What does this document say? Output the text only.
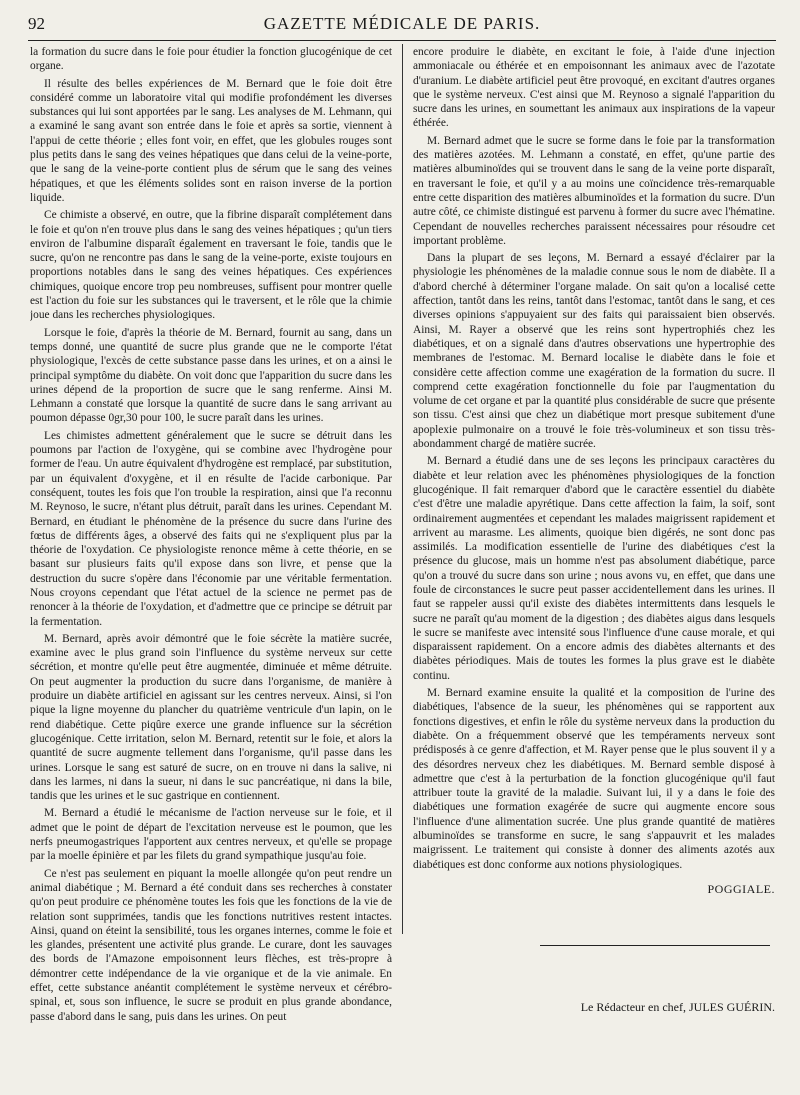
92	GAZETTE MÉDICALE DE PARIS.

la formation du sucre dans le foie pour étudier la fonction glucogénique de cet organe.

Il résulte des belles expériences de M. Bernard que le foie doit être considéré comme un laboratoire vital qui modifie profondément les diverses substances qui lui sont apportées par le sang. Les analyses de M. Lehmann, qui a examiné le sang avant son entrée dans le foie et après sa sortie, viennent à l'appui de cette théorie ; elles font voir, en effet, que les globules rouges sont plus petits dans le sang des veines hépatiques que dans celui de la veine-porte, que le sang de la veine-porte contient plus de sérum que le sang des veines hépatiques, et que les éléments solides sont en raison inverse de la portion liquide.

Ce chimiste a observé, en outre, que la fibrine disparaît complétement dans le foie et qu'on n'en trouve plus dans le sang des veines hépatiques ; qu'un tiers environ de l'albumine disparaît également en traversant le foie, tandis que le sucre, qu'on ne rencontre pas dans le sang de la veine-porte, existe toujours en proportions notables dans le sang des veines hépatiques. Ces expériences chimiques, quoique encore trop peu nombreuses, suffisent pour montrer quelle est l'action du foie sur les substances qui le traversent, et le rôle que la chimie joue dans les recherches physiologiques.

Lorsque le foie, d'après la théorie de M. Bernard, fournit au sang, dans un temps donné, une quantité de sucre plus grande que ne le comporte l'état physiologique, l'excès de cette substance passe dans les urines, et on a ainsi le principal symptôme du diabète. On voit donc que l'apparition du sucre dans les urines dépend de la proportion de sucre que le sang renferme. Ainsi M. Lehmann a constaté que lorsque la quantité de sucre dans le sang arrivant au poumon dépasse 0gr,30 pour 100, le sucre paraît dans les urines.

Les chimistes admettent généralement que le sucre se détruit dans les poumons par l'action de l'oxygène, qui se combine avec l'hydrogène pour former de l'eau. Un autre équivalent d'hydrogène est remplacé, par substitution, par un équivalent d'oxygène, et il en résulte de l'acide carbonique. Par conséquent, toutes les fois que l'on trouble la respiration, ainsi que l'a reconnu M. Reynoso, le sucre, n'étant plus détruit, paraît dans les urines. Cependant M. Bernard, en étudiant le phénomène de la présence du sucre dans l'urine des fœtus de différents âges, a observé des faits qui ne s'expliquent plus par la théorie de l'oxydation. Ce physiologiste renonce même à cette théorie, en se basant sur plusieurs faits qu'il expose dans son livre, et pense que la destruction du sucre s'opère dans l'économie par une véritable fermentation. Nous croyons cependant que l'état actuel de la science ne permet pas de renoncer à la théorie de l'oxydation, et d'admettre que ce principe se détruit par la fermentation.

M. Bernard, après avoir démontré que le foie sécrète la matière sucrée, examine avec le plus grand soin l'influence du système nerveux sur cette sécrétion, et montre qu'elle peut être augmentée, diminuée et même détruite. On peut augmenter la production du sucre dans l'organisme, de manière à produire un diabète artificiel en agissant sur les centres nerveux. Ainsi, si l'on pique la ligne moyenne du plancher du quatrième ventricule d'un lapin, on le rend diabétique. Cette piqûre exerce une grande influence sur la sécrétion glucogénique. Cette irritation, selon M. Bernard, retentit sur le foie, et alors la quantité de sucre augmente tellement dans l'organisme, qu'il passe dans les urines. Lorsque le sang est saturé de sucre, on en trouve ni dans la salive, ni dans les larmes, ni dans la sueur, ni dans le suc pancréatique, ni dans la bile, tandis que les urines et le suc gastrique en contiennent.

M. Bernard a étudié le mécanisme de l'action nerveuse sur le foie, et il admet que le point de départ de l'excitation nerveuse est le poumon, que les nerfs pneumogastriques l'apportent aux centres nerveux, et qu'elle se propage par la moelle épinière et par les filets du grand sympathique jusqu'au foie.

Ce n'est pas seulement en piquant la moelle allongée qu'on peut rendre un animal diabétique ; M. Bernard a été conduit dans ses recherches à constater qu'on peut produire ce phénomène toutes les fois que les fonctions de la vie de relation sont supprimées, tandis que les fonctions nutritives restent intactes. Ainsi, quand on éteint la sensibilité, tous les organes internes, comme le foie et les glandes, présentent une activité plus grande. Le curare, dont les sauvages des bords de l'Amazone empoisonnent leurs flèches, est très-propre à démontrer cette indépendance de la vie organique et de la vie animale. En effet, cette substance anéantit complétement le système nerveux et cérébro-spinal, et, sous son influence, le sucre se produit en plus grande abondance, passe d'abord dans le sang, puis dans les urines. On peut

encore produire le diabète, en excitant le foie, à l'aide d'une injection ammoniacale ou éthérée et en empoisonnant les animaux avec de l'azotate d'uranium. Le diabète artificiel peut être provoqué, en excitant d'autres organes que le système nerveux. C'est ainsi que M. Reynoso a signalé l'apparition du sucre dans les urines, en soumettant les animaux aux inspirations de la vapeur éthérée.

M. Bernard admet que le sucre se forme dans le foie par la transformation des matières azotées. M. Lehmann a constaté, en effet, qu'une partie des matières albuminoïdes qui se trouvent dans le sang de la veine porte disparaît, en traversant le foie, et qu'il y a au moins une coïncidence très-remarquable entre cette disparition des matières albuminoïdes et la formation du sucre. D'un autre côté, ce chimiste distingué est parvenu à former du sucre avec l'hématine. Cependant de nouvelles recherches paraissent nécessaires pour résoudre cet important problème.

Dans la plupart de ses leçons, M. Bernard a essayé d'éclairer par la physiologie les phénomènes de la maladie connue sous le nom de diabète. Il a d'abord cherché à déterminer l'organe malade. On sait qu'on a localisé cette affection, tantôt dans les reins, tantôt dans l'estomac, tantôt dans le sang, et ces diverses opinions s'appuyaient sur des faits qui paraissaient bien observés. Ainsi, M. Rayer a observé que les reins sont hypertrophiés chez les diabétiques, et on a signalé dans d'autres observations une hypertrophie des membranes de l'estomac. M. Bernard localise le diabète dans le foie et considère cette affection comme une exagération de la formation du sucre. Il comprend cette exagération fonctionnelle du foie par l'augmentation du volume de cet organe et par la quantité plus considérable de sucre que présente son tissu. C'est ainsi que chez un diabétique mort presque subitement d'une apoplexie pulmonaire on a trouvé le foie très-volumineux et son tissu très-abondamment chargé de matière sucrée.

M. Bernard a étudié dans une de ses leçons les principaux caractères du diabète et leur relation avec les phénomènes physiologiques de la fonction glucogénique. Il fait remarquer d'abord que le caractère essentiel du diabète c'est d'être une maladie apyrétique. Dans cette affection la faim, la soif, sont ordinairement augmentées et cependant les malades maigrissent rapidement et arrivent au marasme. Les aliments, quoique bien digérés, ne sont donc pas assimilés. La modification essentielle de l'urine des diabétiques c'est la présence du glucose, mais un homme n'est pas absolument diabétique, parce qu'on a trouvé du sucre dans son urine ; nous avons vu, en effet, que dans une foule de circonstances le sucre peut passer accidentellement dans les urines. Il faut se rappeler aussi qu'il existe des diabètes intermittents dans lesquels le sucre ne paraît qu'au moment de la digestion ; des diabètes aigus dans lesquels le sucre se manifeste avec intensité sous l'influence d'une cause morale, et qui disparaissent rapidement. On a encore admis des diabètes alternants et des diabètes périodiques. Mais de toutes les formes la plus grave est le diabète continu.

M. Bernard examine ensuite la qualité et la composition de l'urine des diabétiques, l'absence de la sueur, les phénomènes qui se rapportent aux fonctions digestives, et enfin le rôle du système nerveux dans la production du diabète. On a fréquemment observé que les tempéraments nerveux sont prédisposés à ce genre d'affection, et M. Rayer pense que le plus souvent il y a des désordres nerveux chez les diabétiques. M. Bernard semble disposé à admettre que c'est à la perturbation de la fonction glucogénique qu'il faut attribuer toute la gravité de la maladie. Suivant lui, il y a dans le foie des diabétiques une formation exagérée de sucre qui augmente encore sous l'influence d'une alimentation sucrée. Une plus grande quantité de matières albuminoïdes se transforme en sucre, le sang s'appauvrit et les malades maigrissent. Le traitement qui consiste à donner des aliments azotés aux diabétiques est donc conforme aux notions physiologiques.

POGGIALE.
Le Rédacteur en chef, JULES GUÉRIN.
